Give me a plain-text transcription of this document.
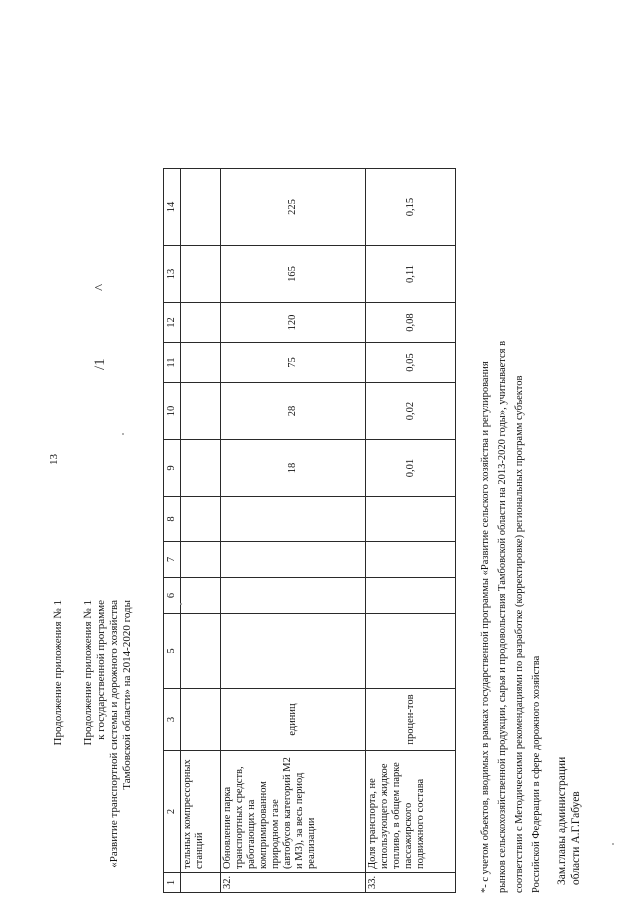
13
Продолжение приложения № 1 Продолжение приложения № 1 к государственной программе «Развитие транспортной системы и дорожного хозяйства Тамбовской области» на 2014-2020 годы
1	2	3	5	6	7	8	9	10	11	12	13	14
	тельных компрессорных станций											
32.	Обновление парка транспортных средств, работающих на компримированном природном газе (автобусов категорий М2 и М3), за весь период реализации	единиц					18	28	75	120	165	225
33.	Доля транспорта, не использующего жидкое топливо, в общем парке пассажирского подвижного состава	процен-тов					0,01	0,02	0,05	0,08	0,11	0,15
*- с учетом объектов, вводимых в рамках государственной программы «Развитие сельского хозяйства и регулирования рынков сельскохозяйственной продукции, сырья и продовольствия Тамбовской области на 2013-2020 годы», учитывается в соответствии с Методическими рекомендациями по разработке (корректировке) региональных программ субъектов Российской Федерации в сфере дорожного хозяйства Зам.главы администрации области А.Г.Габуев
/1
^
